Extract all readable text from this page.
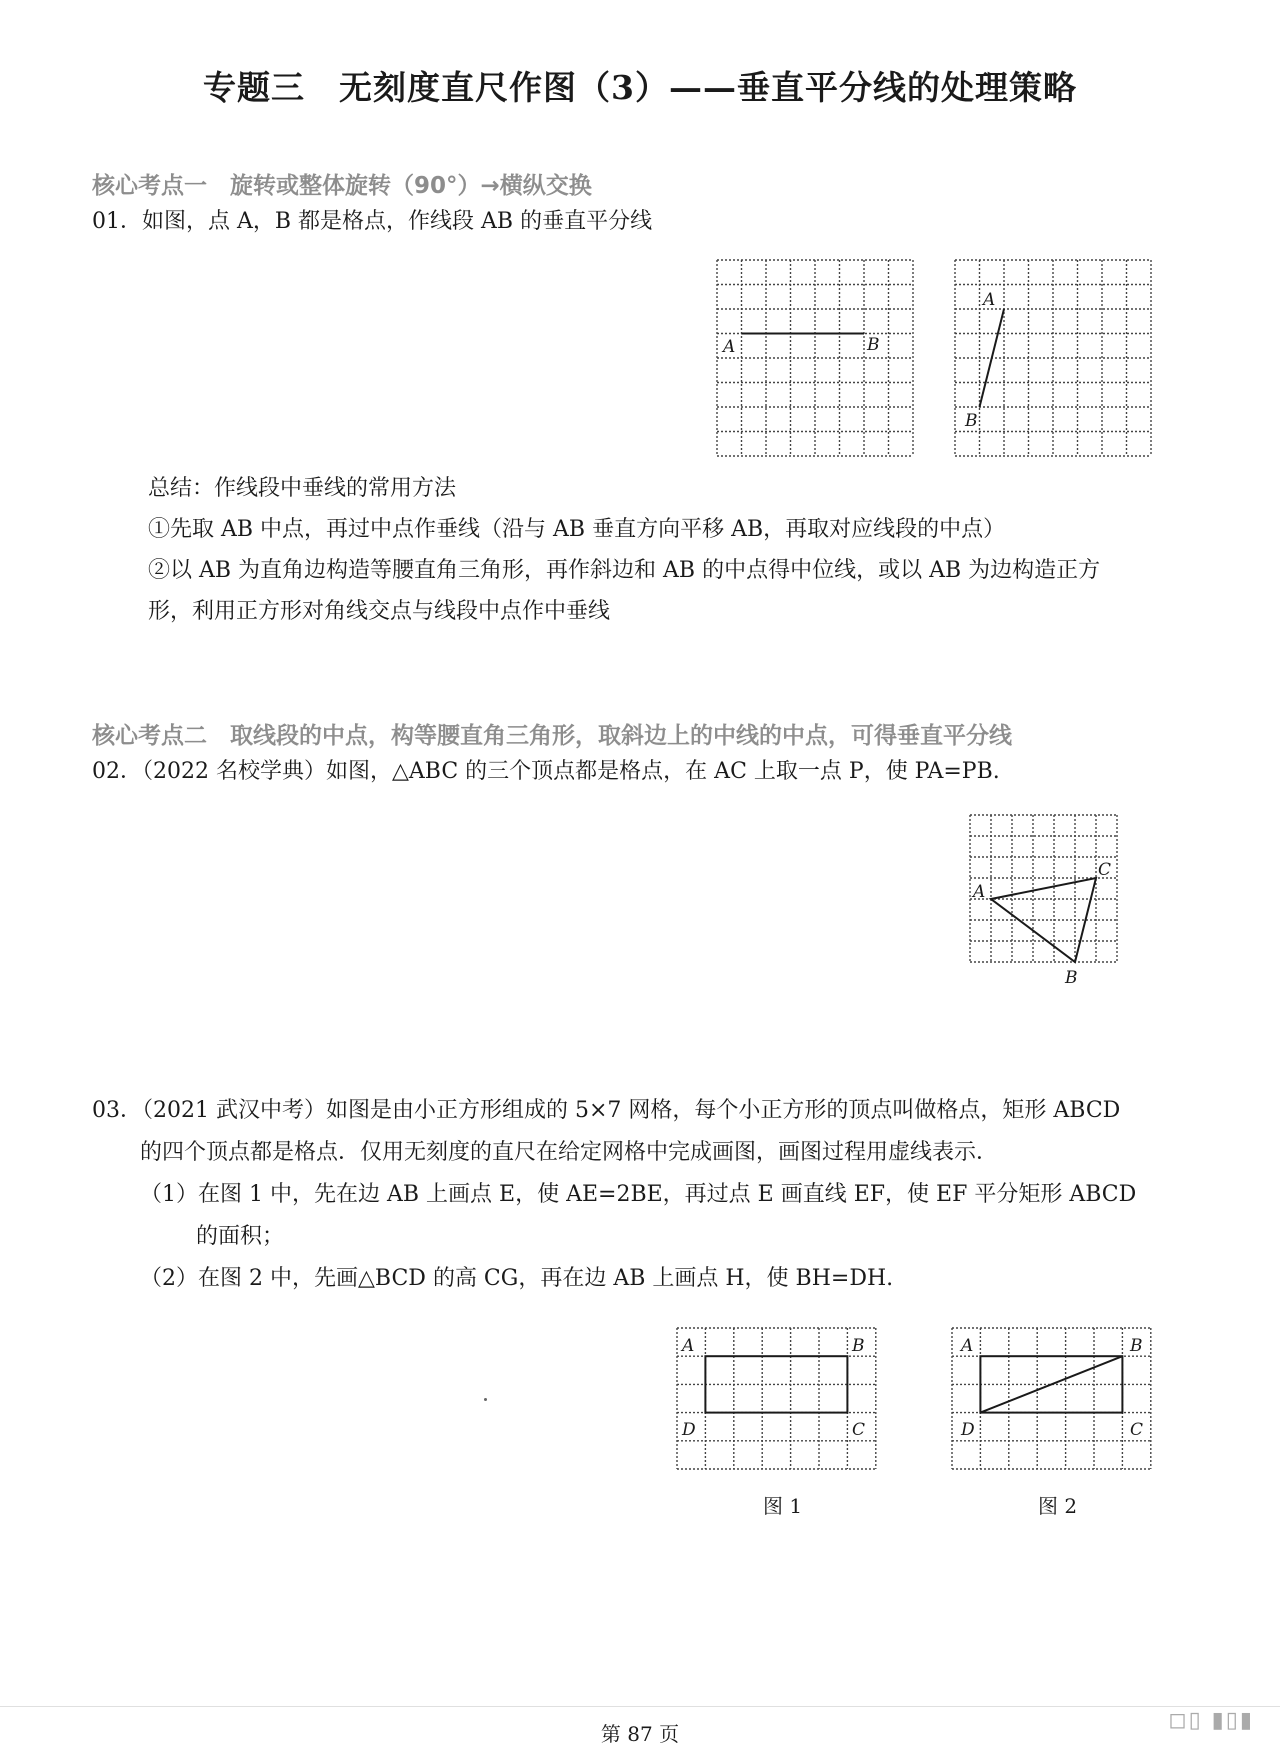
专题三　无刻度直尺作图（3）——垂直平分线的处理策略
核心考点一　旋转或整体旋转（90°）→横纵交换
01．如图，点 A，B 都是格点，作线段 AB 的垂直平分线
A	B
A
B
总结：作线段中垂线的常用方法
①先取 AB 中点，再过中点作垂线（沿与 AB 垂直方向平移 AB，再取对应线段的中点）
②以 AB 为直角边构造等腰直角三角形，再作斜边和 AB 的中点得中位线，或以 AB 为边构造正方
形，利用正方形对角线交点与线段中点作中垂线
核心考点二　取线段的中点，构等腰直角三角形，取斜边上的中线的中点，可得垂直平分线
02．（2022 名校学典）如图，△ABC 的三个顶点都是格点，在 AC 上取一点 P，使 PA=PB.
A
C
B
03．（2021 武汉中考）如图是由小正方形组成的 5×7 网格，每个小正方形的顶点叫做格点，矩形 ABCD
的四个顶点都是格点．仅用无刻度的直尺在给定网格中完成画图，画图过程用虚线表示．
（1）在图 1 中，先在边 AB 上画点 E，使 AE=2BE，再过点 E 画直线 EF，使 EF 平分矩形 ABCD
的面积；
（2）在图 2 中，先画△BCD 的高 CG，再在边 AB 上画点 H，使 BH=DH.
A	B
D	C
图 1
A	B
D	C
图 2
第 87 页
◻▯ ▮▯▮
